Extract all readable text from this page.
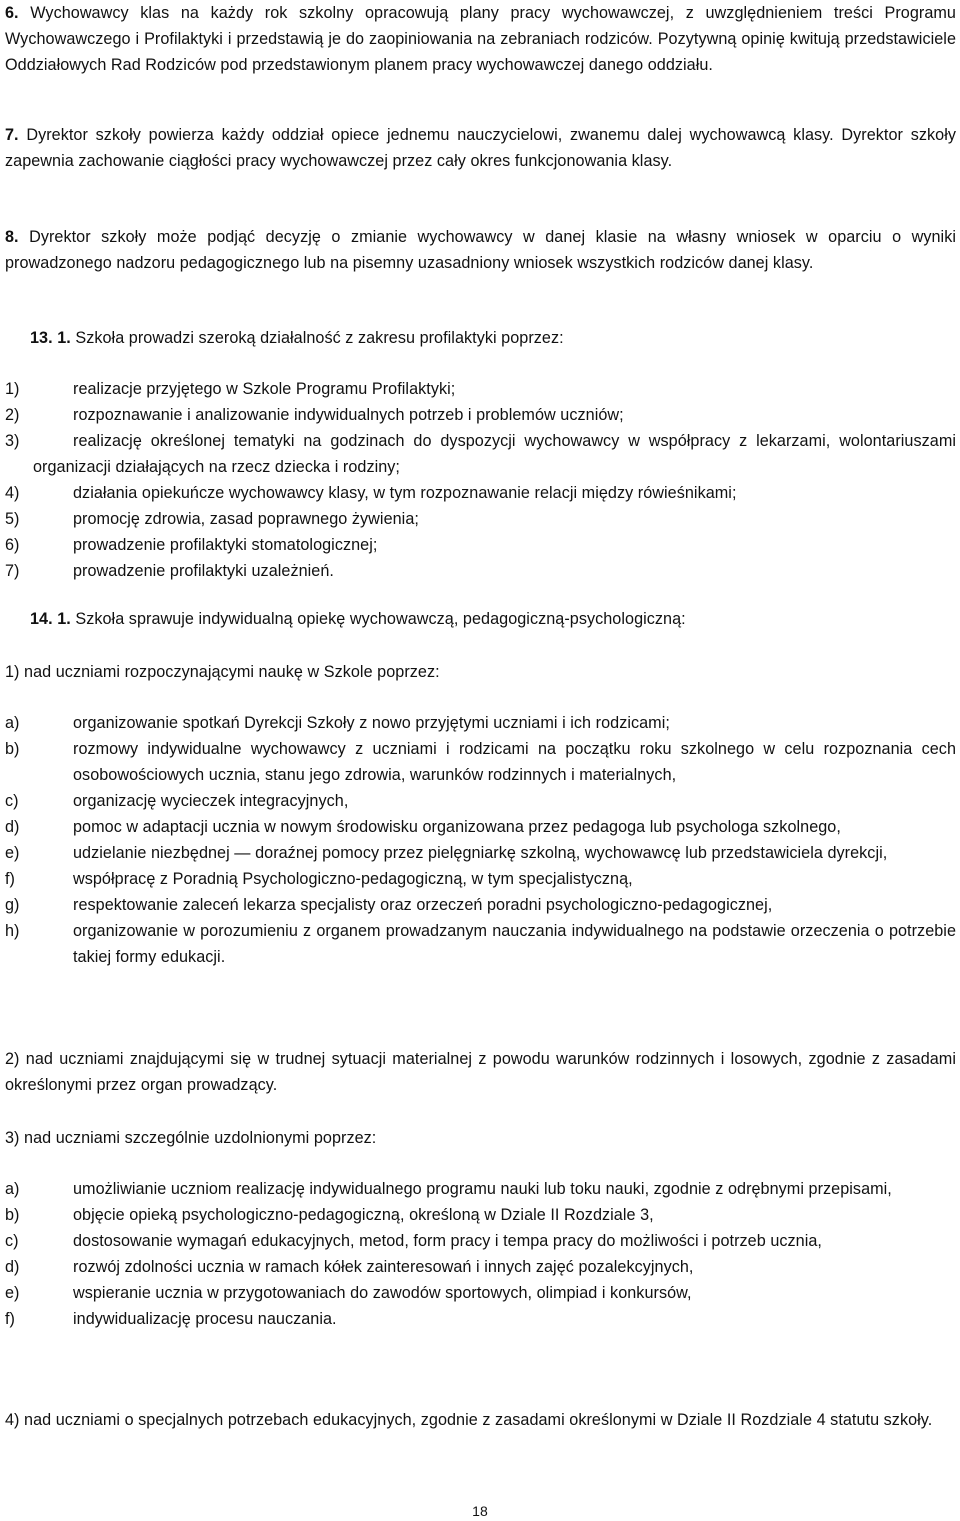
6. Wychowawcy klas na każdy rok szkolny opracowują plany pracy wychowawczej, z uwzględnieniem treści Programu Wychowawczego i Profilaktyki i przedstawią je do zaopiniowania na zebraniach rodziców. Pozytywną opinię kwitują przedstawiciele Oddziałowych Rad Rodziców pod przedstawionym planem pracy wychowawczej danego oddziału.

7. Dyrektor szkoły powierza każdy oddział opiece jednemu nauczycielowi, zwanemu dalej wychowawcą klasy. Dyrektor szkoły zapewnia zachowanie ciągłości pracy wychowawczej przez cały okres funkcjonowania klasy.

8. Dyrektor szkoły może podjąć decyzję o zmianie wychowawcy w danej klasie na własny wniosek w oparciu o wyniki prowadzonego nadzoru pedagogicznego lub na pisemny uzasadniony wniosek wszystkich rodziców danej klasy.

13. 1. Szkoła prowadzi szeroką działalność z zakresu profilaktyki poprzez:

1)	realizacje przyjętego w Szkole Programu Profilaktyki;
2)	rozpoznawanie i analizowanie indywidualnych potrzeb i problemów uczniów;
3)	realizację określonej tematyki na godzinach do dyspozycji wychowawcy w współpracy z lekarzami, wolontariuszami organizacji działających na rzecz dziecka i rodziny;
4)	działania opiekuńcze wychowawcy klasy, w tym rozpoznawanie relacji między rówieśnikami;
5)	promocję zdrowia, zasad poprawnego żywienia;
6)	prowadzenie profilaktyki stomatologicznej;
7)	prowadzenie profilaktyki uzależnień.

14. 1. Szkoła sprawuje indywidualną opiekę wychowawczą, pedagogiczną-psychologiczną:

1) nad uczniami rozpoczynającymi naukę w Szkole poprzez:

a)	organizowanie spotkań Dyrekcji Szkoły z nowo przyjętymi uczniami i ich rodzicami;
b)	rozmowy indywidualne wychowawcy z uczniami i rodzicami na początku roku szkolnego w celu rozpoznania cech osobowościowych ucznia, stanu jego zdrowia, warunków rodzinnych i materialnych,
c)	organizację wycieczek integracyjnych,
d)	pomoc w adaptacji ucznia w nowym środowisku organizowana przez pedagoga lub psychologa szkolnego,
e)	udzielanie niezbędnej — doraźnej pomocy przez pielęgniarkę szkolną, wychowawcę lub przedstawiciela dyrekcji,
f)	współpracę z Poradnią Psychologiczno-pedagogiczną, w tym specjalistyczną,
g)	respektowanie zaleceń lekarza specjalisty oraz orzeczeń poradni psychologiczno-pedagogicznej,
h)	organizowanie w porozumieniu z organem prowadzanym nauczania indywidualnego na podstawie orzeczenia o potrzebie takiej formy edukacji.

2) nad uczniami znajdującymi się w trudnej sytuacji materialnej z powodu warunków rodzinnych i losowych, zgodnie z zasadami określonymi przez organ prowadzący.

3) nad uczniami szczególnie uzdolnionymi poprzez:

a)	umożliwianie uczniom realizację indywidualnego programu nauki lub toku nauki, zgodnie z odrębnymi przepisami,
b)	objęcie opieką psychologiczno-pedagogiczną, określoną w Dziale II Rozdziale 3,
c)	dostosowanie wymagań edukacyjnych, metod, form pracy i tempa pracy do możliwości i potrzeb ucznia,
d)	rozwój zdolności ucznia w ramach kółek zainteresowań i innych zajęć pozalekcyjnych,
e)	wspieranie ucznia w przygotowaniach do zawodów sportowych, olimpiad i konkursów,
f)	indywidualizację procesu nauczania.

4) nad uczniami o specjalnych potrzebach edukacyjnych, zgodnie z zasadami określonymi w Dziale II Rozdziale 4 statutu szkoły.

18
